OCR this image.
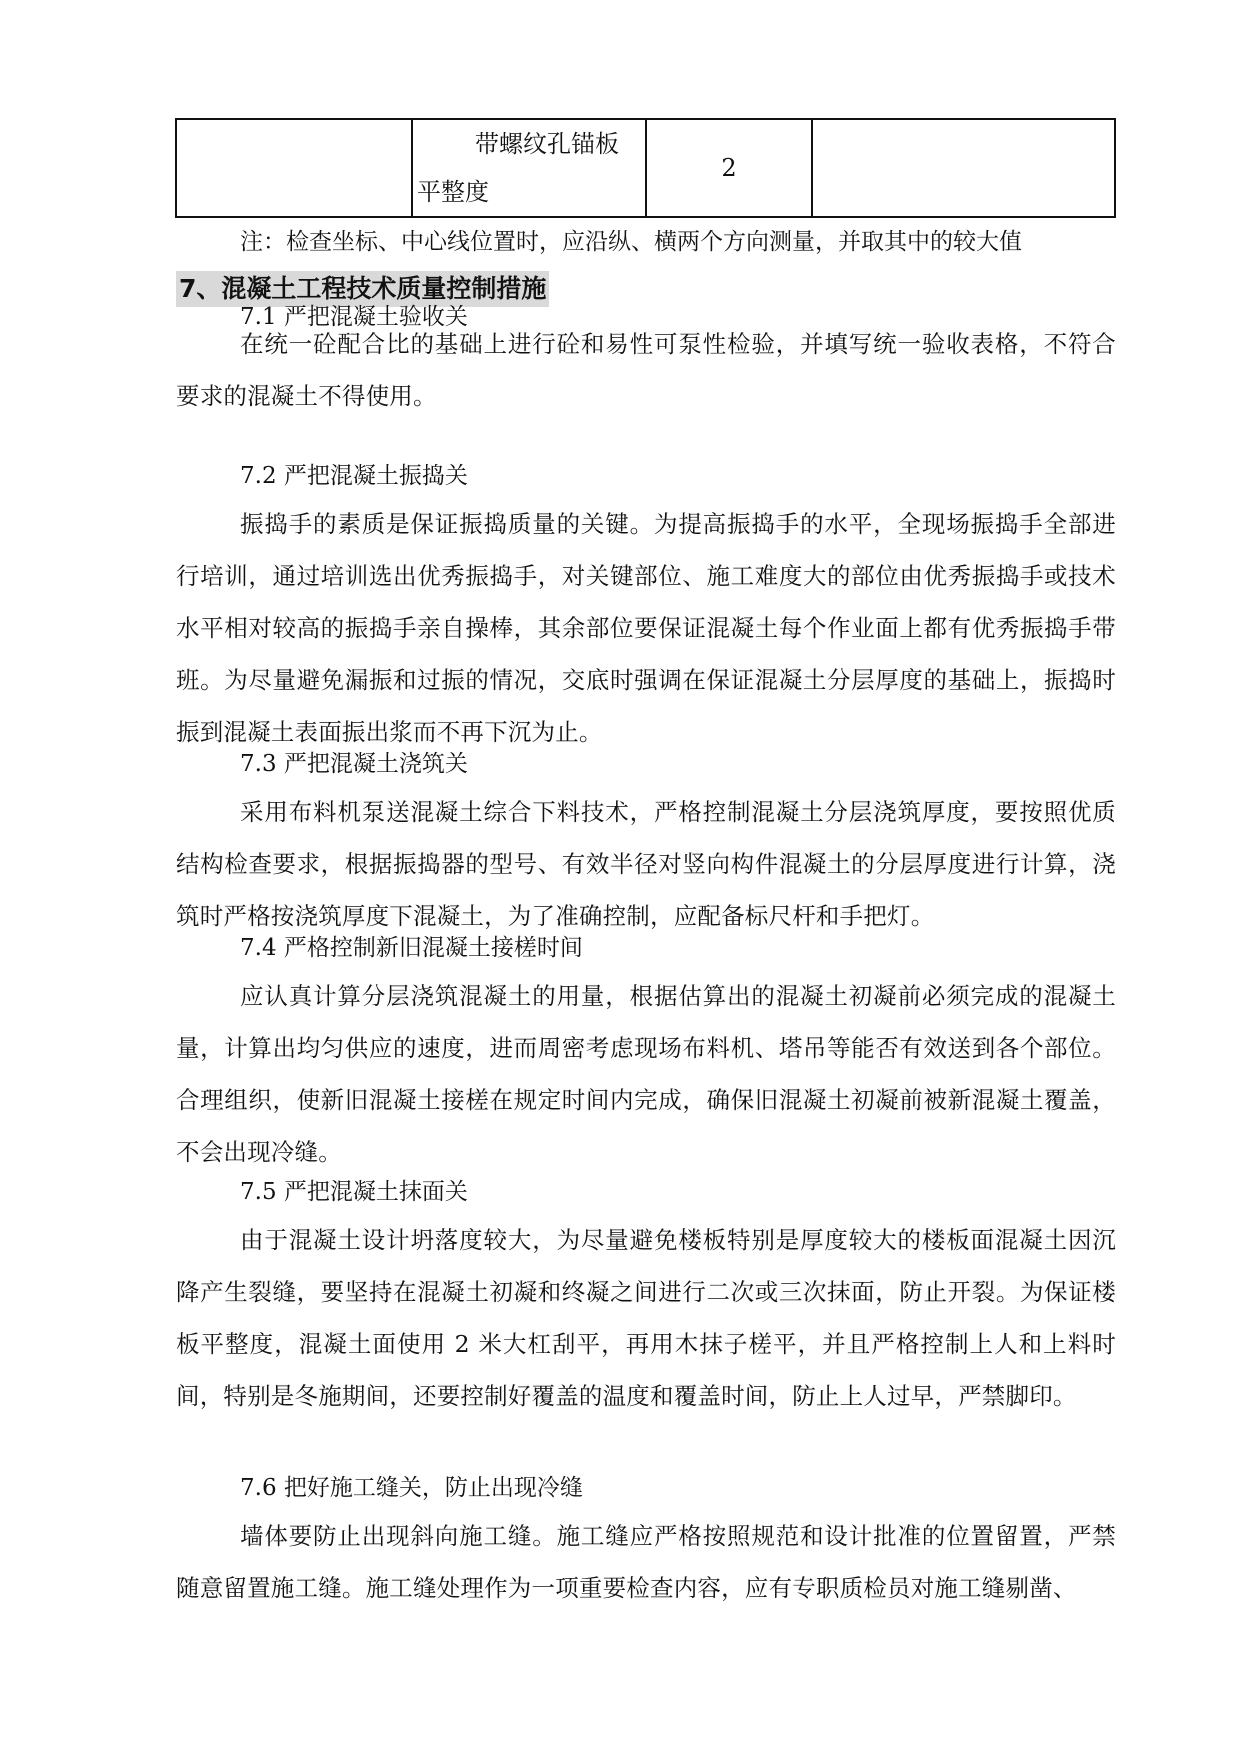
带螺纹孔锚板
平整度
	2	
注：检查坐标、中心线位置时，应沿纵、横两个方向测量，并取其中的较大值
7、混凝土工程技术质量控制措施
7.1 严把混凝土验收关
在统一砼配合比的基础上进行砼和易性可泵性检验，并填写统一验收表格，不符合要求的混凝土不得使用。
7.2 严把混凝土振捣关
振捣手的素质是保证振捣质量的关键。为提高振捣手的水平，全现场振捣手全部进行培训，通过培训选出优秀振捣手，对关键部位、施工难度大的部位由优秀振捣手或技术水平相对较高的振捣手亲自操棒，其余部位要保证混凝土每个作业面上都有优秀振捣手带班。为尽量避免漏振和过振的情况，交底时强调在保证混凝土分层厚度的基础上，振捣时振到混凝土表面振出浆而不再下沉为止。
7.3 严把混凝土浇筑关
采用布料机泵送混凝土综合下料技术，严格控制混凝土分层浇筑厚度，要按照优质结构检查要求，根据振捣器的型号、有效半径对竖向构件混凝土的分层厚度进行计算，浇筑时严格按浇筑厚度下混凝土，为了准确控制，应配备标尺杆和手把灯。
7.4 严格控制新旧混凝土接槎时间
应认真计算分层浇筑混凝土的用量，根据估算出的混凝土初凝前必须完成的混凝土量，计算出均匀供应的速度，进而周密考虑现场布料机、塔吊等能否有效送到各个部位。合理组织，使新旧混凝土接槎在规定时间内完成，确保旧混凝土初凝前被新混凝土覆盖，不会出现冷缝。
7.5 严把混凝土抹面关
由于混凝土设计坍落度较大，为尽量避免楼板特别是厚度较大的楼板面混凝土因沉降产生裂缝，要坚持在混凝土初凝和终凝之间进行二次或三次抹面，防止开裂。为保证楼板平整度，混凝土面使用 2 米大杠刮平，再用木抹子槎平，并且严格控制上人和上料时间，特别是冬施期间，还要控制好覆盖的温度和覆盖时间，防止上人过早，严禁脚印。
7.6 把好施工缝关，防止出现冷缝
墙体要防止出现斜向施工缝。施工缝应严格按照规范和设计批准的位置留置，严禁随意留置施工缝。施工缝处理作为一项重要检查内容，应有专职质检员对施工缝剔凿、
